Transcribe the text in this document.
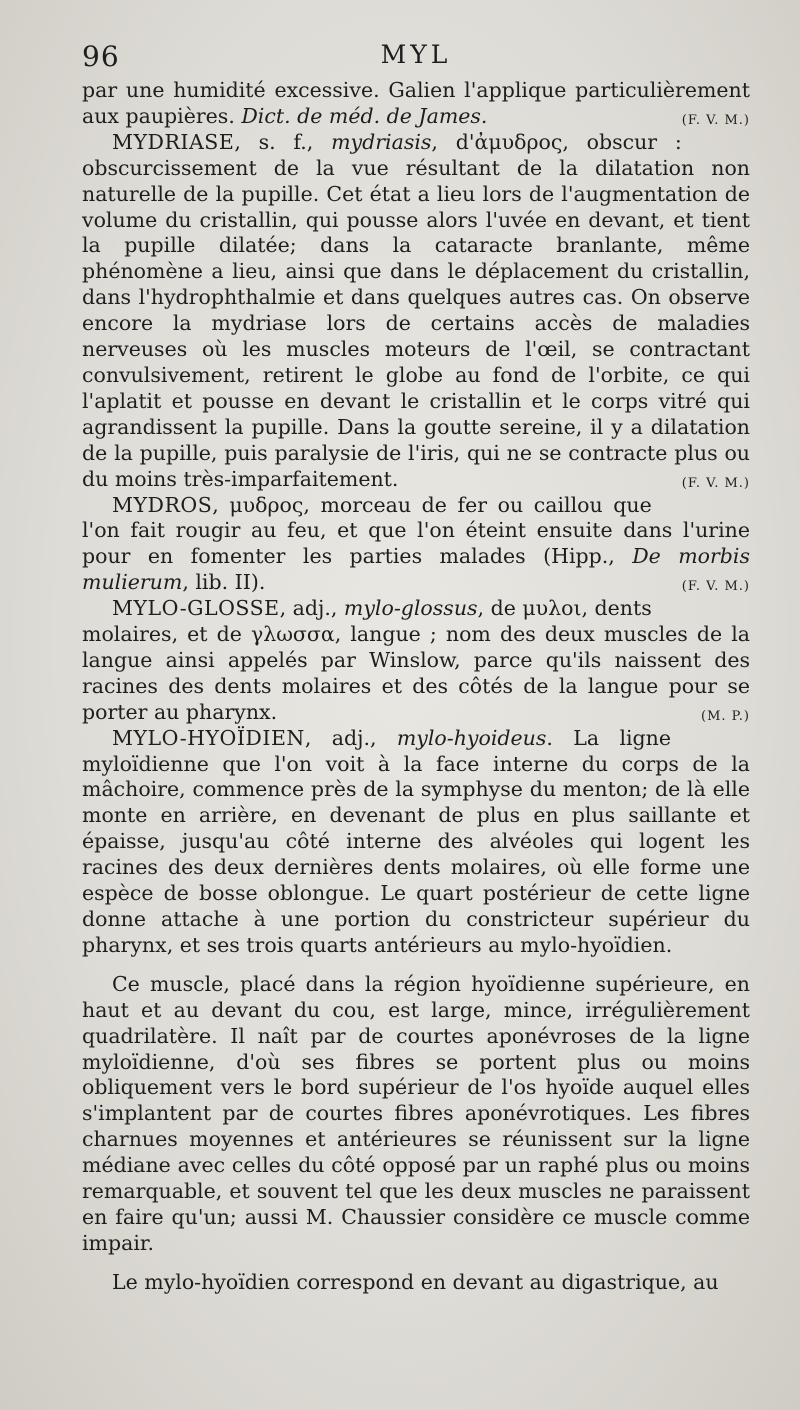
96	MYL

par une humidité excessive. Galien l'applique particulièrement aux paupières. Dict. de méd. de James.	(F. V. M.)

MYDRIASE, s. f., mydriasis, d'ἀμυδρος, obscur : obscurcissement de la vue résultant de la dilatation non naturelle de la pupille. Cet état a lieu lors de l'augmentation de volume du cristallin, qui pousse alors l'uvée en devant, et tient la pupille dilatée; dans la cataracte branlante, même phénomène a lieu, ainsi que dans le déplacement du cristallin, dans l'hydrophthalmie et dans quelques autres cas. On observe encore la mydriase lors de certains accès de maladies nerveuses où les muscles moteurs de l'œil, se contractant convulsivement, retirent le globe au fond de l'orbite, ce qui l'aplatit et pousse en devant le cristallin et le corps vitré qui agrandissent la pupille. Dans la goutte sereine, il y a dilatation de la pupille, puis paralysie de l'iris, qui ne se contracte plus ou du moins très-imparfaitement.	(F. V. M.)

MYDROS, μυδρος, morceau de fer ou caillou que l'on fait rougir au feu, et que l'on éteint ensuite dans l'urine pour en fomenter les parties malades (Hipp., De morbis mulierum, lib. II).	(F. V. M.)

MYLO-GLOSSE, adj., mylo-glossus, de μυλοι, dents molaires, et de γλωσσα, langue ; nom des deux muscles de la langue ainsi appelés par Winslow, parce qu'ils naissent des racines des dents molaires et des côtés de la langue pour se porter au pharynx.	(M. P.)

MYLO-HYOÏDIEN, adj., mylo-hyoideus. La ligne myloïdienne que l'on voit à la face interne du corps de la mâchoire, commence près de la symphyse du menton; de là elle monte en arrière, en devenant de plus en plus saillante et épaisse, jusqu'au côté interne des alvéoles qui logent les racines des deux dernières dents molaires, où elle forme une espèce de bosse oblongue. Le quart postérieur de cette ligne donne attache à une portion du constricteur supérieur du pharynx, et ses trois quarts antérieurs au mylo-hyoïdien.

Ce muscle, placé dans la région hyoïdienne supérieure, en haut et au devant du cou, est large, mince, irrégulièrement quadrilatère. Il naît par de courtes aponévroses de la ligne myloïdienne, d'où ses fibres se portent plus ou moins obliquement vers le bord supérieur de l'os hyoïde auquel elles s'implantent par de courtes fibres aponévrotiques. Les fibres charnues moyennes et antérieures se réunissent sur la ligne médiane avec celles du côté opposé par un raphé plus ou moins remarquable, et souvent tel que les deux muscles ne paraissent en faire qu'un; aussi M. Chaussier considère ce muscle comme impair.

Le mylo-hyoïdien correspond en devant au digastrique, au
